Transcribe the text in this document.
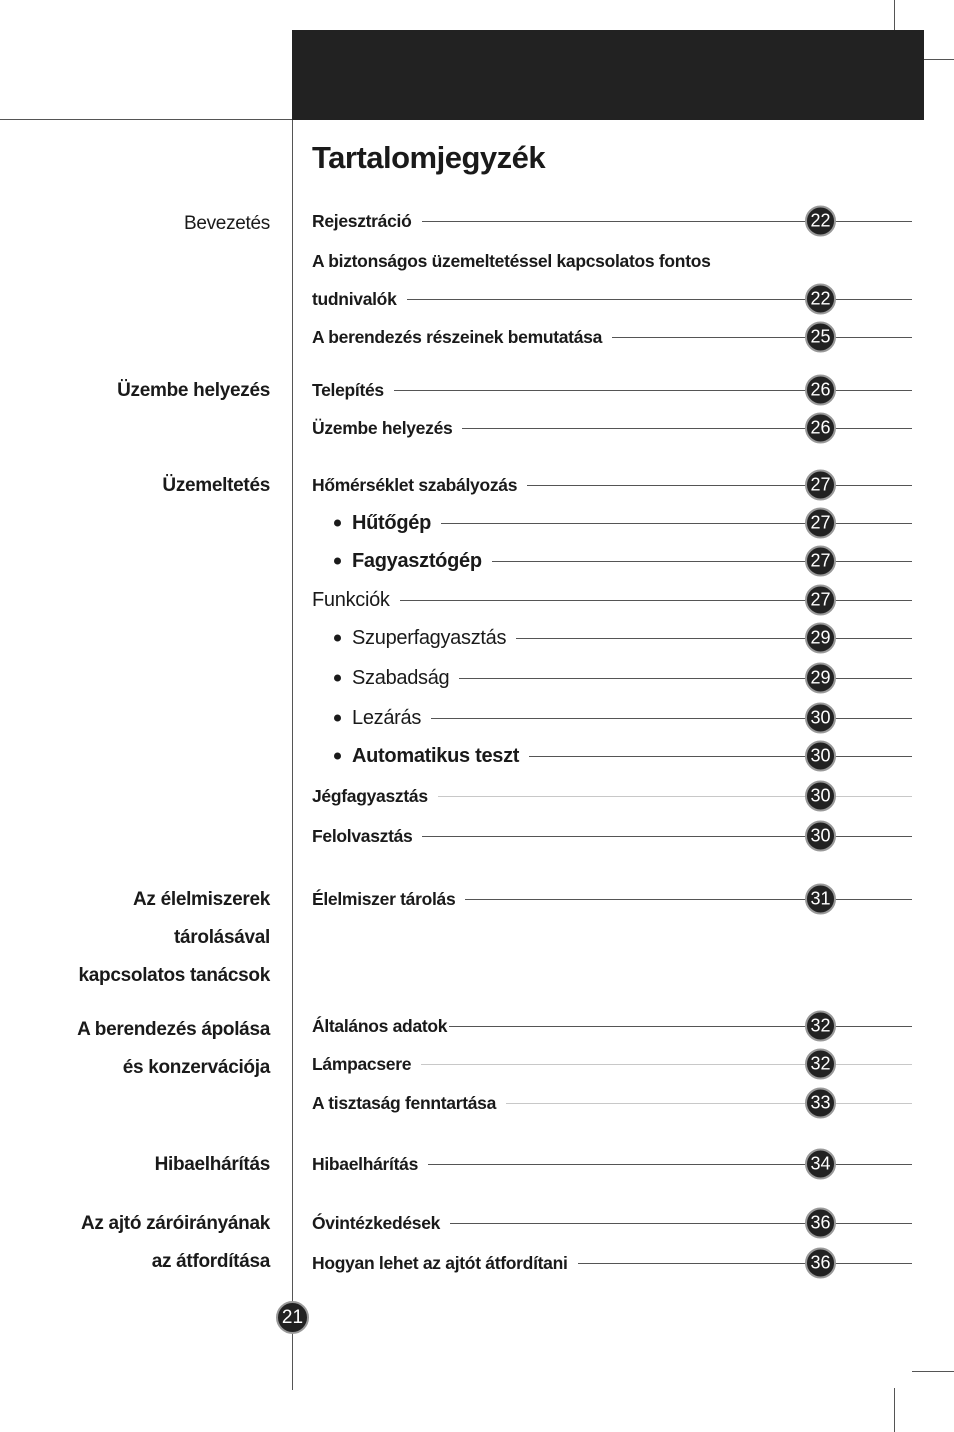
Tartalomjegyzék
Bevezetés
Üzembe helyezés
Üzemeltetés
Az élelmiszerek
tárolásával
kapcsolatos tanácsok
A berendezés ápolása
és konzervációja
Hibaelhárítás
Az ajtó záróirányának
az átfordítása
Rejesztráció	22
A biztonságos üzemeltetéssel kapcsolatos fontos
tudnivalók	22
A berendezés részeinek bemutatása	25
Telepítés	26
Üzembe helyezés	26
Hőmérséklet szabályozás	27
Hűtőgép	27
Fagyasztógép	27
Funkciók	27
Szuperfagyasztás	29
Szabadság	29
Lezárás	30
Automatikus teszt	30
Jégfagyasztás	30
Felolvasztás	30
Élelmiszer tárolás	31
Általános adatok	32
Lámpacsere	32
A tisztaság fenntartása	33
Hibaelhárítás	34
Óvintézkedések	36
Hogyan lehet az ajtót átfordítani	36
21
